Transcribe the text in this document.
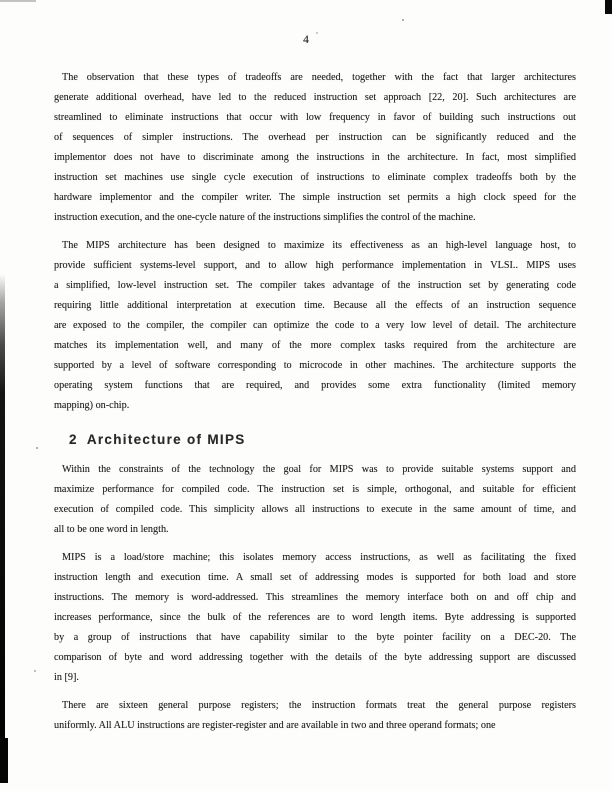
4
The observation that these types of tradeoffs are needed, together with the fact that larger architectures
generate additional overhead, have led to the reduced instruction set approach [22, 20]. Such architectures are
streamlined to eliminate instructions that occur with low frequency in favor of building such instructions out
of sequences of simpler instructions. The overhead per instruction can be significantly reduced and the
implementor does not have to discriminate among the instructions in the architecture. In fact, most simplified
instruction set machines use single cycle execution of instructions to eliminate complex tradeoffs both by the
hardware implementor and the compiler writer. The simple instruction set permits a high clock speed for the
instruction execution, and the one-cycle nature of the instructions simplifies the control of the machine.
The MIPS architecture has been designed to maximize its effectiveness as an high-level language host, to
provide sufficient systems-level support, and to allow high performance implementation in VLSI.. MIPS uses
a simplified, low-level instruction set. The compiler takes advantage of the instruction set by generating code
requiring little additional interpretation at execution time. Because all the effects of an instruction sequence
are exposed to the compiler, the compiler can optimize the code to a very low level of detail. The architecture
matches its implementation well, and many of the more complex tasks required from the architecture are
supported by a level of software corresponding to microcode in other machines. The architecture supports the
operating system functions that are required, and provides some extra functionality (limited memory
mapping) on-chip.
2 Architecture of MIPS
Within the constraints of the technology the goal for MIPS was to provide suitable systems support and
maximize performance for compiled code. The instruction set is simple, orthogonal, and suitable for efficient
execution of compiled code. This simplicity allows all instructions to execute in the same amount of time, and
all to be one word in length.
MIPS is a load/store machine; this isolates memory access instructions, as well as facilitating the fixed
instruction length and execution time. A small set of addressing modes is supported for both load and store
instructions. The memory is word-addressed. This streamlines the memory interface both on and off chip and
increases performance, since the bulk of the references are to word length items. Byte addressing is supported
by a group of instructions that have capability similar to the byte pointer facility on a DEC-20. The
comparison of byte and word addressing together with the details of the byte addressing support are discussed
in [9].
There are sixteen general purpose registers; the instruction formats treat the general purpose registers
uniformly. All ALU instructions are register-register and are available in two and three operand formats; one
